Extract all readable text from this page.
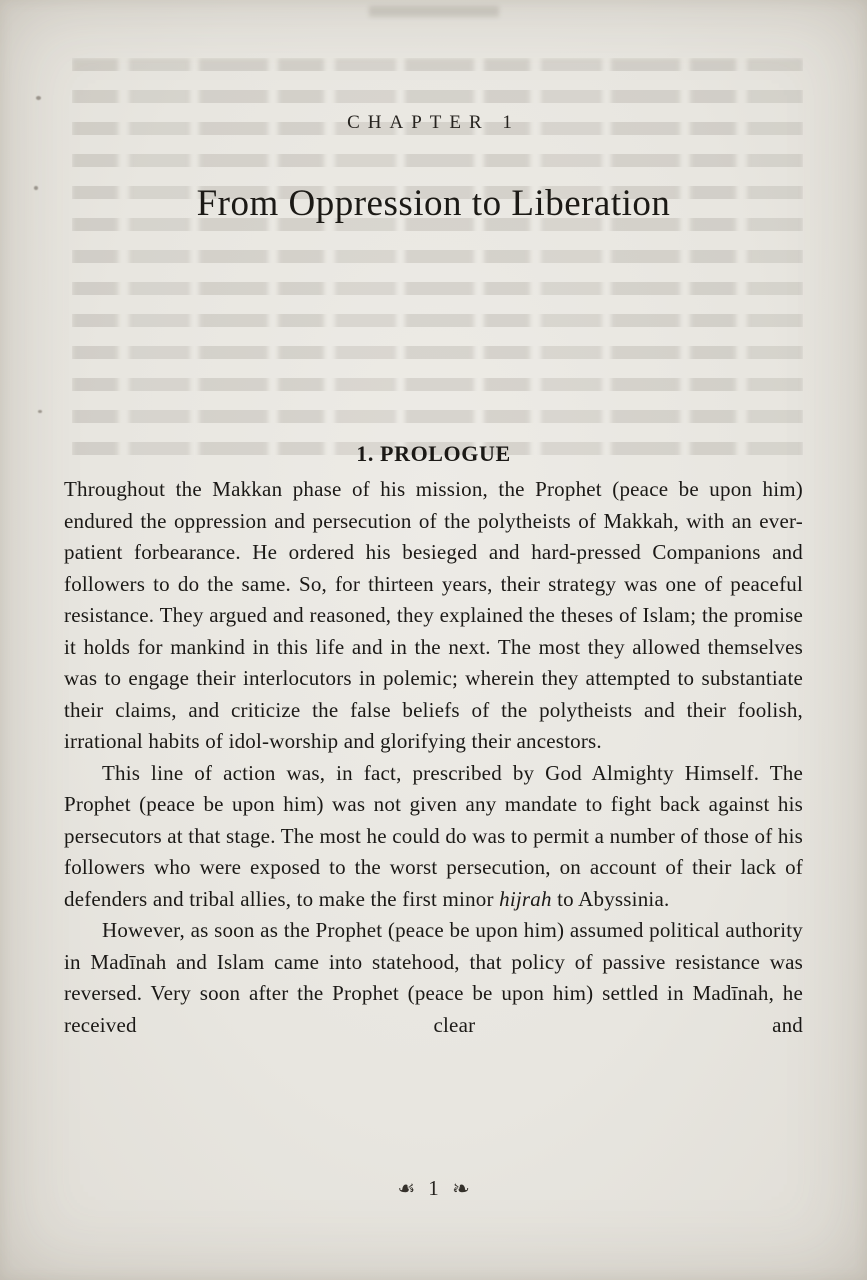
CHAPTER 1
From Oppression to Liberation
1. PROLOGUE

Throughout the Makkan phase of his mission, the Prophet (peace be upon him) endured the oppression and persecution of the polytheists of Makkah, with an ever-patient forbearance. He ordered his besieged and hard-pressed Companions and followers to do the same. So, for thirteen years, their strategy was one of peaceful resistance. They argued and reasoned, they explained the theses of Islam; the promise it holds for mankind in this life and in the next. The most they allowed themselves was to engage their interlocutors in polemic; wherein they attempted to substantiate their claims, and criticize the false beliefs of the polytheists and their foolish, irrational habits of idol-worship and glorifying their ancestors.

This line of action was, in fact, prescribed by God Almighty Himself. The Prophet (peace be upon him) was not given any mandate to fight back against his persecutors at that stage. The most he could do was to permit a number of those of his followers who were exposed to the worst persecution, on account of their lack of defenders and tribal allies, to make the first minor hijrah to Abyssinia.

However, as soon as the Prophet (peace be upon him) assumed political authority in Madīnah and Islam came into statehood, that policy of passive resistance was reversed. Very soon after the Prophet (peace be upon him) settled in Madīnah, he received clear and

☙ 1 ☙
